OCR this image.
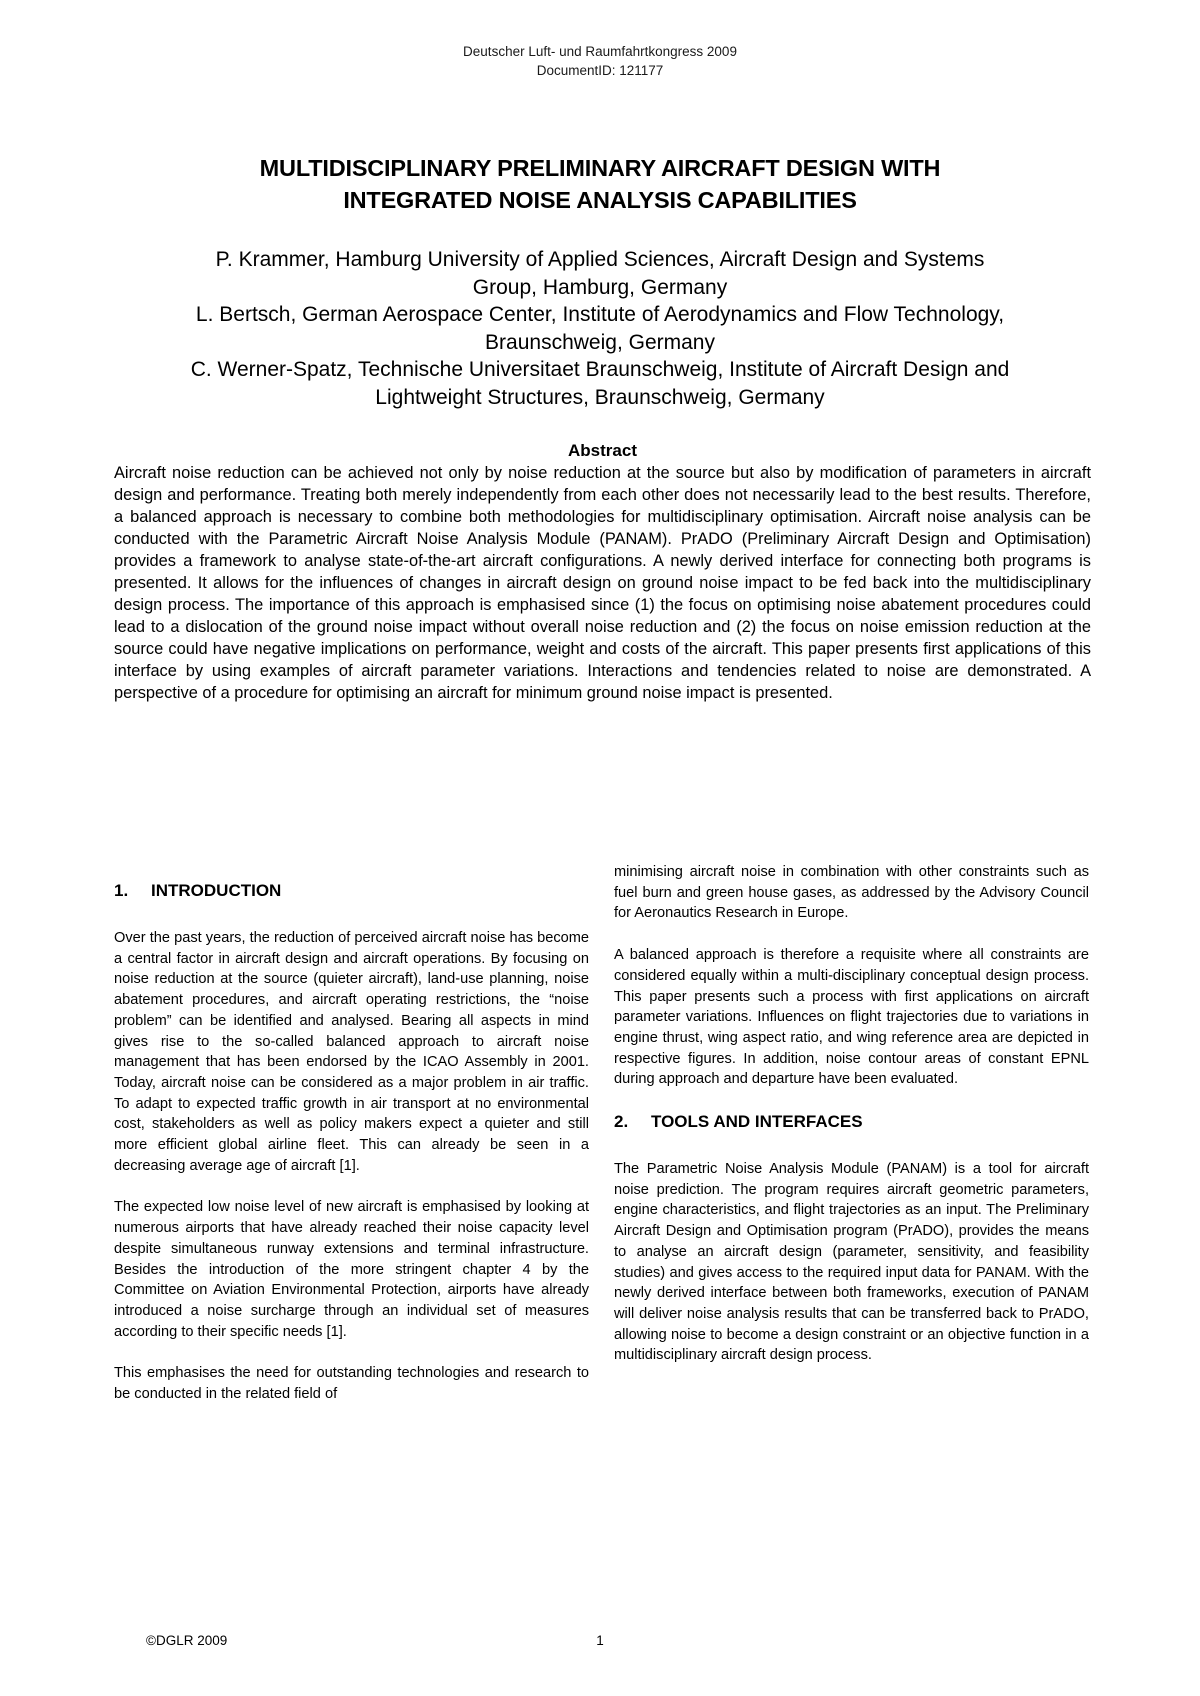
Deutscher Luft- und Raumfahrtkongress 2009
DocumentID: 121177

MULTIDISCIPLINARY PRELIMINARY AIRCRAFT DESIGN WITH

INTEGRATED NOISE ANALYSIS CAPABILITIES

P. Krammer, Hamburg University of Applied Sciences, Aircraft Design and Systems

Group, Hamburg, Germany

L. Bertsch, German Aerospace Center, Institute of Aerodynamics and Flow Technology,

Braunschweig, Germany

C. Werner-Spatz, Technische Universitaet Braunschweig, Institute of Aircraft Design and

Lightweight Structures, Braunschweig, Germany

Abstract

Aircraft noise reduction can be achieved not only by noise reduction at the source but also by modification of parameters in aircraft design and performance. Treating both merely independently from each other does not necessarily lead to the best results. Therefore, a balanced approach is necessary to combine both methodologies for multidisciplinary optimisation. Aircraft noise analysis can be conducted with the Parametric Aircraft Noise Analysis Module (PANAM). PrADO (Preliminary Aircraft Design and Optimisation) provides a framework to analyse state-of-the-art aircraft configurations. A newly derived interface for connecting both programs is presented. It allows for the influences of changes in aircraft design on ground noise impact to be fed back into the multidisciplinary design process. The importance of this approach is emphasised since (1) the focus on optimising noise abatement procedures could lead to a dislocation of the ground noise impact without overall noise reduction and (2) the focus on noise emission reduction at the source could have negative implications on performance, weight and costs of the aircraft. This paper presents first applications of this interface by using examples of aircraft parameter variations. Interactions and tendencies related to noise are demonstrated. A perspective of a procedure for optimising an aircraft for minimum ground noise impact is presented.

1. INTRODUCTION

Over the past years, the reduction of perceived aircraft noise has become a central factor in aircraft design and aircraft operations. By focusing on noise reduction at the source (quieter aircraft), land-use planning, noise abatement procedures, and aircraft operating restrictions, the “noise problem” can be identified and analysed. Bearing all aspects in mind gives rise to the so-called balanced approach to aircraft noise management that has been endorsed by the ICAO Assembly in 2001. Today, aircraft noise can be considered as a major problem in air traffic. To adapt to expected traffic growth in air transport at no environmental cost, stakeholders as well as policy makers expect a quieter and still more efficient global airline fleet. This can already be seen in a decreasing average age of aircraft [1].

The expected low noise level of new aircraft is emphasised by looking at numerous airports that have already reached their noise capacity level despite simultaneous runway extensions and terminal infrastructure. Besides the introduction of the more stringent chapter 4 by the Committee on Aviation Environmental Protection, airports have already introduced a noise surcharge through an individual set of measures according to their specific needs [1].

This emphasises the need for outstanding technologies and research to be conducted in the related field of

minimising aircraft noise in combination with other constraints such as fuel burn and green house gases, as addressed by the Advisory Council for Aeronautics Research in Europe.

A balanced approach is therefore a requisite where all constraints are considered equally within a multi-disciplinary conceptual design process. This paper presents such a process with first applications on aircraft parameter variations. Influences on flight trajectories due to variations in engine thrust, wing aspect ratio, and wing reference area are depicted in respective figures. In addition, noise contour areas of constant EPNL during approach and departure have been evaluated.

2. TOOLS AND INTERFACES

The Parametric Noise Analysis Module (PANAM) is a tool for aircraft noise prediction. The program requires aircraft geometric parameters, engine characteristics, and flight trajectories as an input. The Preliminary Aircraft Design and Optimisation program (PrADO), provides the means to analyse an aircraft design (parameter, sensitivity, and feasibility studies) and gives access to the required input data for PANAM. With the newly derived interface between both frameworks, execution of PANAM will deliver noise analysis results that can be transferred back to PrADO, allowing noise to become a design constraint or an objective function in a multidisciplinary aircraft design process.

©DGLR 2009	1
